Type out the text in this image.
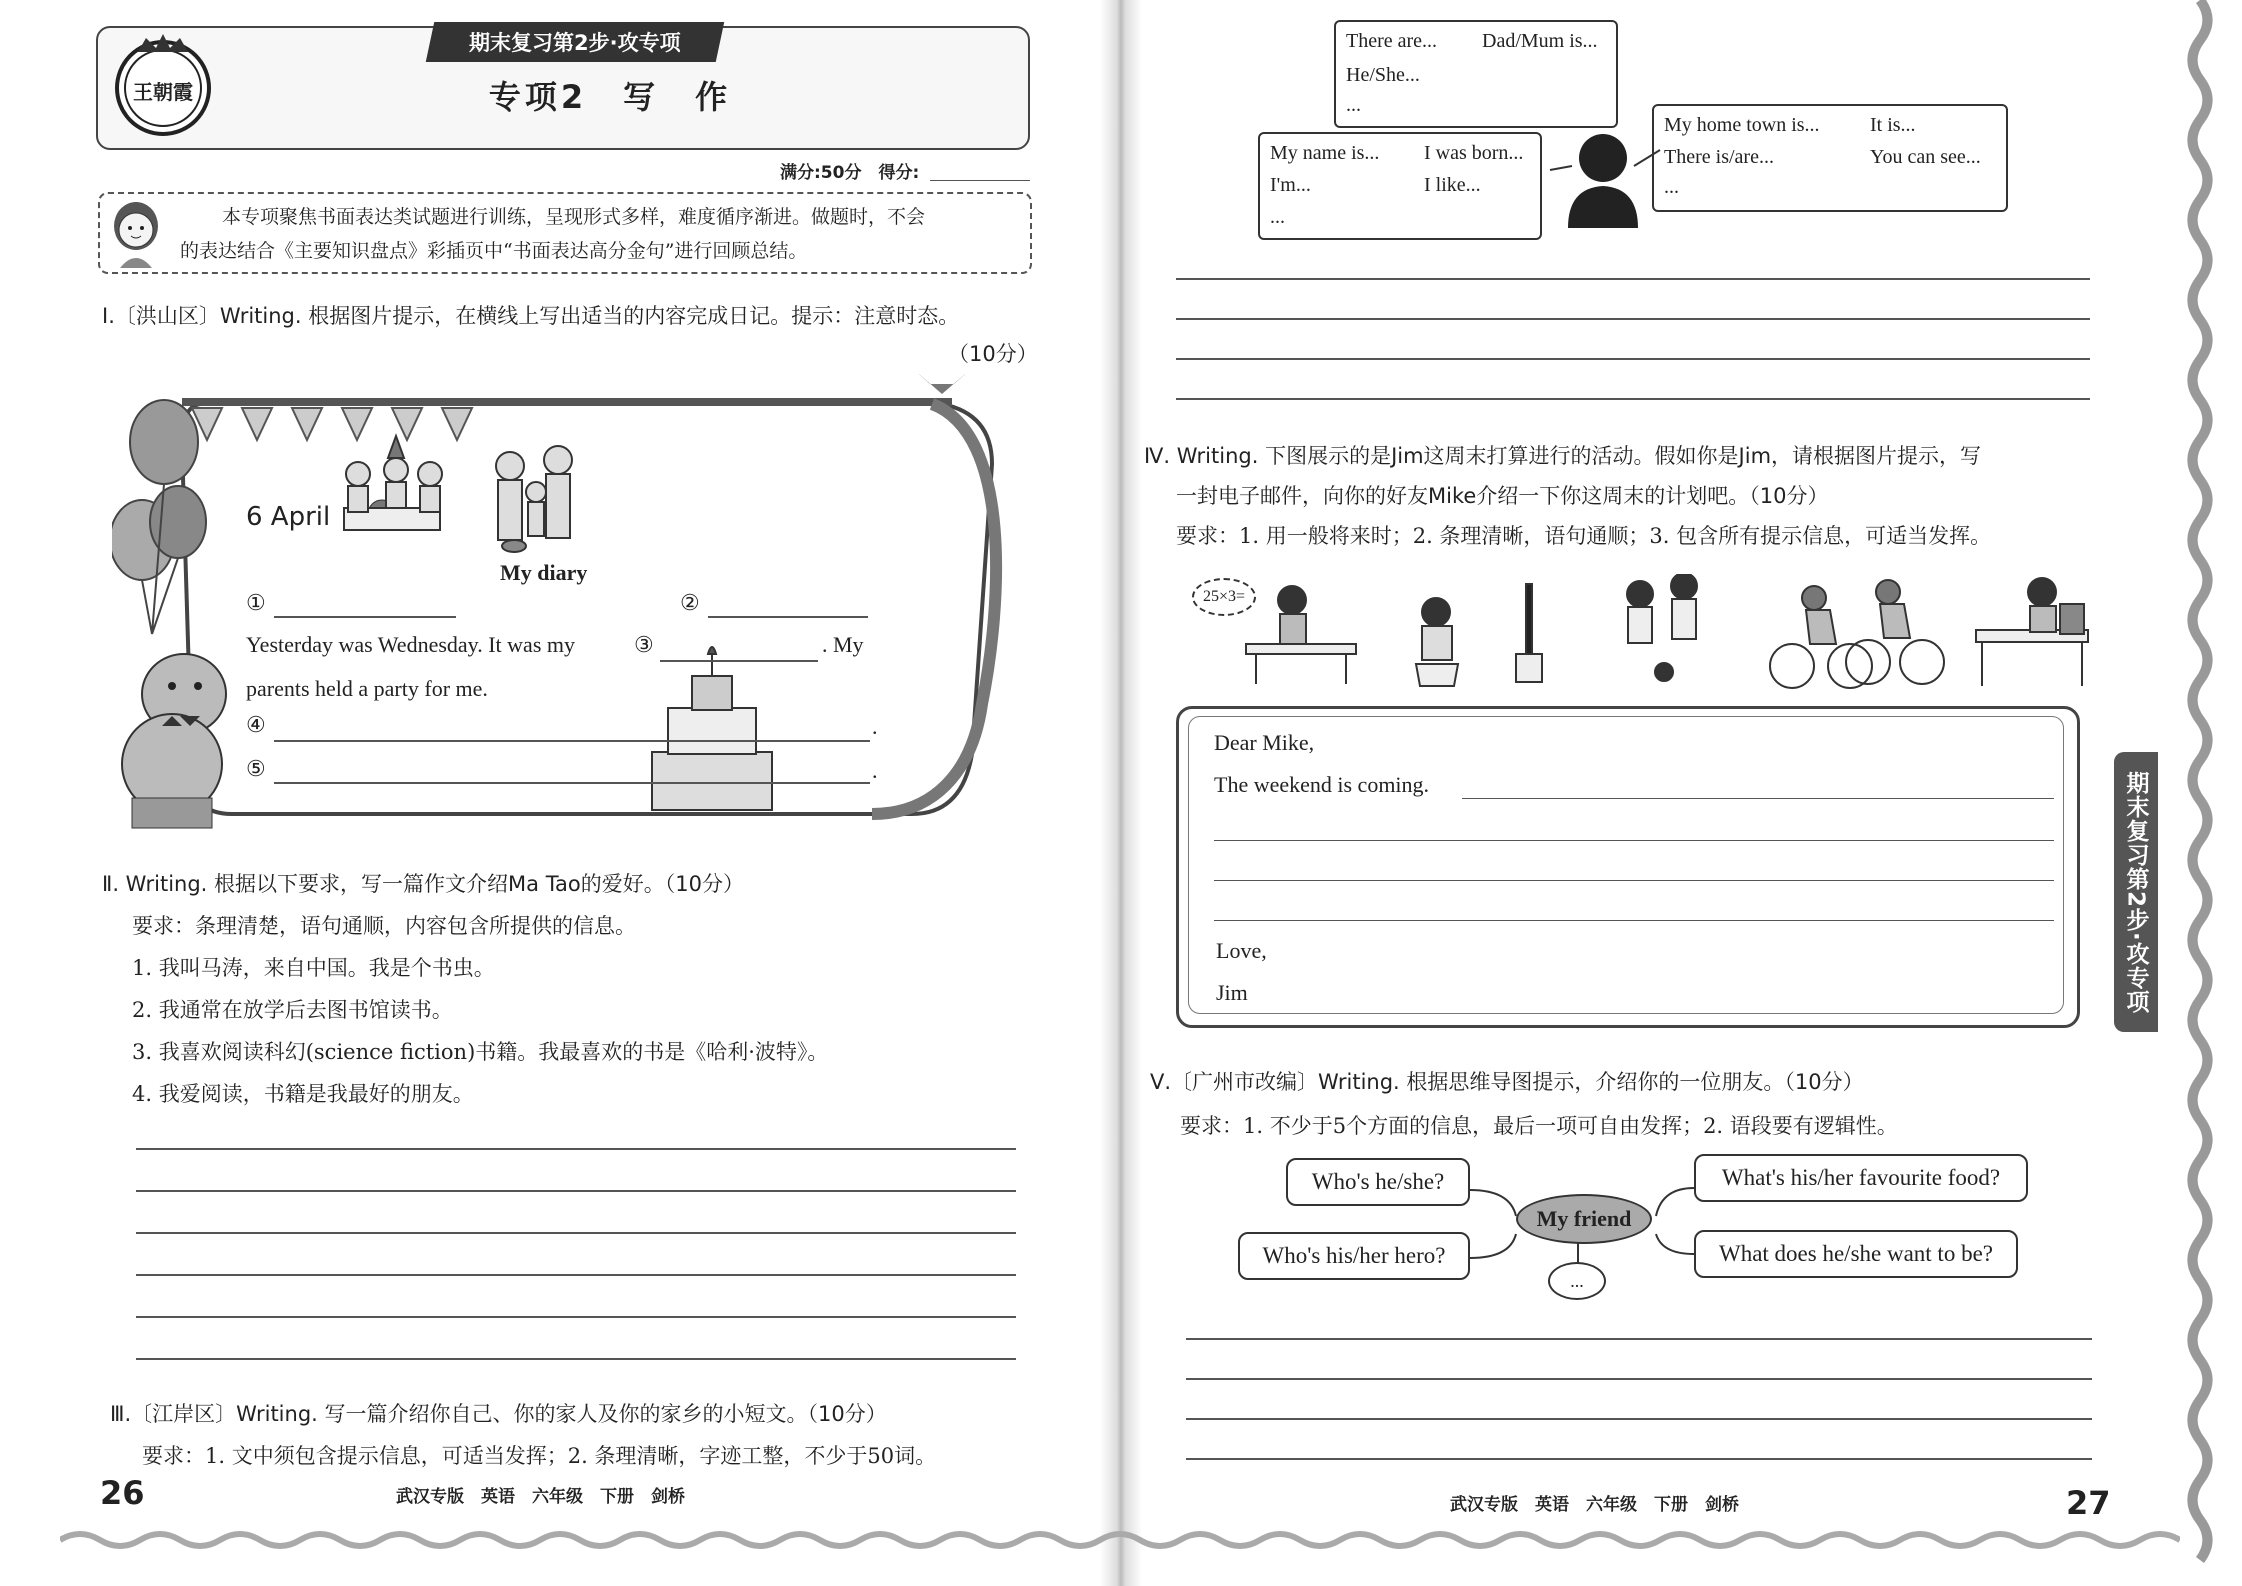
王朝霞
期末复习第2步·攻专项
专项2　写　作
满分:50分　得分:
本专项聚焦书面表达类试题进行训练，呈现形式多样，难度循序渐进。做题时，不会
的表达结合《主要知识盘点》彩插页中“书面表达高分金句”进行回顾总结。
Ⅰ.〔洪山区〕Writing. 根据图片提示，在横线上写出适当的内容完成日记。提示：注意时态。
（10分）
6 April
My diary
①	②
Yesterday was Wednesday. It was my	③	. My
parents held a party for me.
④	.
⑤	.
Ⅱ. Writing. 根据以下要求，写一篇作文介绍Ma Tao的爱好。（10分）
要求：条理清楚，语句通顺，内容包含所提供的信息。
1. 我叫马涛，来自中国。我是个书虫。
2. 我通常在放学后去图书馆读书。
3. 我喜欢阅读科幻(science fiction)书籍。我最喜欢的书是《哈利·波特》。
4. 我爱阅读，书籍是我最好的朋友。
Ⅲ.〔江岸区〕Writing. 写一篇介绍你自己、你的家人及你的家乡的小短文。（10分）
要求：1. 文中须包含提示信息，可适当发挥；2. 条理清晰，字迹工整，不少于50词。
26	武汉专版　英语　六年级　下册　剑桥
There are... Dad/Mum is...
He/She...
...
My name is... I was born...
I'm...	I like...
...
My home town is...	It is...
There is/are...	You can see...
...
Ⅳ. Writing. 下图展示的是Jim这周末打算进行的活动。假如你是Jim，请根据图片提示，写
一封电子邮件，向你的好友Mike介绍一下你这周末的计划吧。（10分）
要求：1. 用一般将来时；2. 条理清晰，语句通顺；3. 包含所有提示信息，可适当发挥。
25×3=
Dear Mike,
The weekend is coming.
Love,
Jim
Ⅴ.〔广州市改编〕Writing. 根据思维导图提示，介绍你的一位朋友。（10分）
要求：1. 不少于5个方面的信息，最后一项可自由发挥；2. 语段要有逻辑性。
Who's he/she?
Who's his/her hero?
My friend
...
What's his/her favourite food?
What does he/she want to be?
武汉专版　英语　六年级　下册　剑桥	27
期末复习第2步·攻专项
